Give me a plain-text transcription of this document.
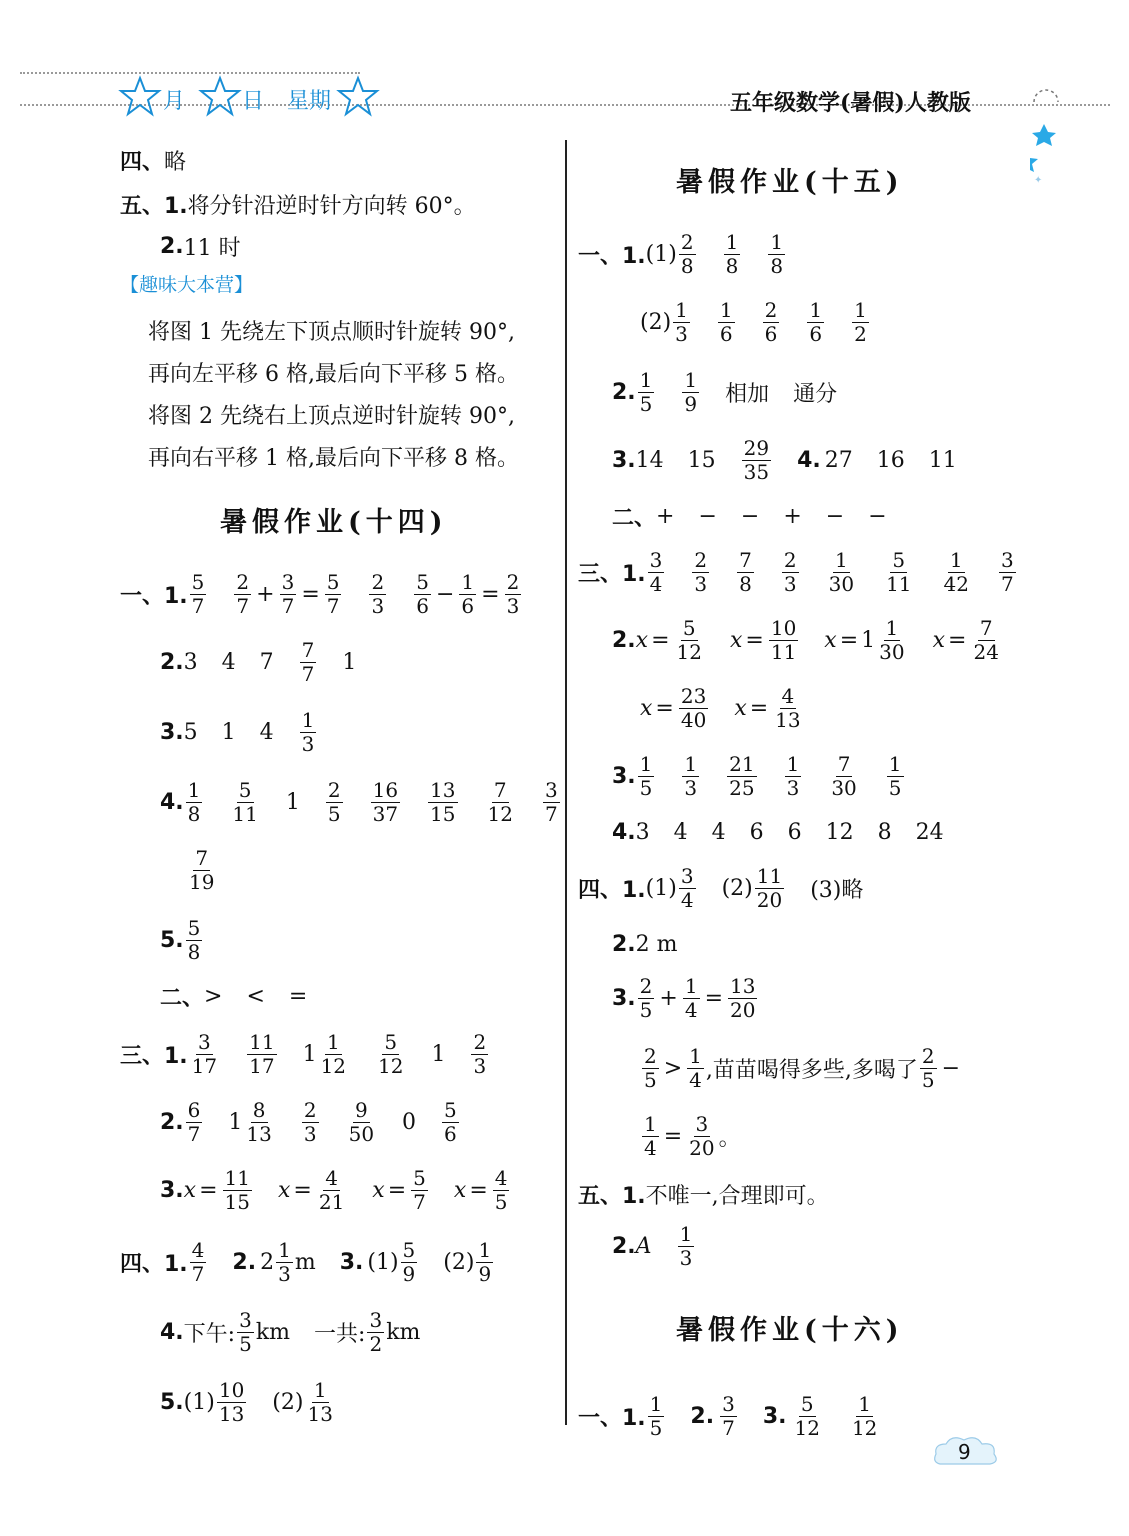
月	日 星期	五年级数学(暑假)人教版
✦
四、 略
五、1. 将分针沿逆时针方向转 60°。
2. 11 时
【趣味大本营】
将图 1 先绕左下顶点顺时针旋转 90°,
再向左平移 6 格,最后向下平移 5 格。
将图 2 先绕右上顶点逆时针旋转 90°,
再向右平移 1 格,最后向下平移 8 格。
暑假作业(十四)
一、1. $\frac{5}{7} \frac{2}{7} + \frac{3}{7} = \frac{5}{7} \frac{2}{3} \frac{5}{6} - \frac{1}{6} = \frac{2}{3}$
2. 3 4 $7 \frac{7}{7} 1$
3. 5 1 $4 \frac{1}{3}$
4. $\frac{1}{8} \frac{5}{11} 1 \frac{2}{5} \frac{16}{37} \frac{13}{15} \frac{7}{12} \frac{3}{7}$
$\frac{7}{19}$
5. $\frac{5}{8}$
二、 > < =
三、1. $\frac{3}{17} \frac{11}{17} 1 \frac{1}{12} \frac{5}{12} 1 \frac{2}{3}$
2. $\frac{6}{7} 1 \frac{8}{13} \frac{2}{3} \frac{9}{50} 0 \frac{5}{6}$
3. $x = \frac{11}{15}$ $x = \frac{4}{21}$ $x = \frac{5}{7}$ $x = \frac{4}{5}$
四、1. $\frac{4}{7} 2$. $2 \frac{1}{3}$ m 3. $(1) \frac{5}{9} (2) \frac{1}{9}$
4. 下午: $\frac{3}{5}$ km 一共: $\frac{3}{2}$ km
5. $(1) \frac{10}{13} (2) \frac{1}{13}$
暑假作业(十五)
一、1. $(1) \frac{2}{8} \frac{1}{8} \frac{1}{8}$
$(2) \frac{1}{3} \frac{1}{6} \frac{2}{6} \frac{1}{6} \frac{1}{2}$
2. $\frac{1}{5} \frac{1}{9}$ 相加 通分
3. 14 $15 \frac{29}{35} 4$. 27 16 11
二、 + − − + − −
三、1. $\frac{3}{4} \frac{2}{3} \frac{7}{8} \frac{2}{3} \frac{1}{30} \frac{5}{11} \frac{1}{42} \frac{3}{7}$
2. $x = \frac{5}{12}$ $x = \frac{10}{11}$ $x = 1 \frac{1}{30}$ $x = \frac{7}{24}$
$x = \frac{23}{40}$ $x = \frac{4}{13}$
3. $\frac{1}{5} \frac{1}{3} \frac{21}{25} \frac{1}{3} \frac{7}{30} \frac{1}{5}$
4. 3 4 4 6 6 12 8 24
四、1. $(1) \frac{3}{4} (2) \frac{11}{20} (3)$略
2. 2 m
3. $\frac{2}{5} + \frac{1}{4} = \frac{13}{20}$
$\frac{2}{5} > \frac{1}{4}$ ,苗苗喝得多些,多喝了 $\frac{2}{5}$ −
$\frac{1}{4} = \frac{3}{20}$ 。
五、1. 不唯一,合理即可。
2. A $\frac{1}{3}$
暑假作业(十六)
一、1. $\frac{1}{5} 2$. $\frac{3}{7} 3$. $\frac{5}{12} \frac{1}{12}$
9
